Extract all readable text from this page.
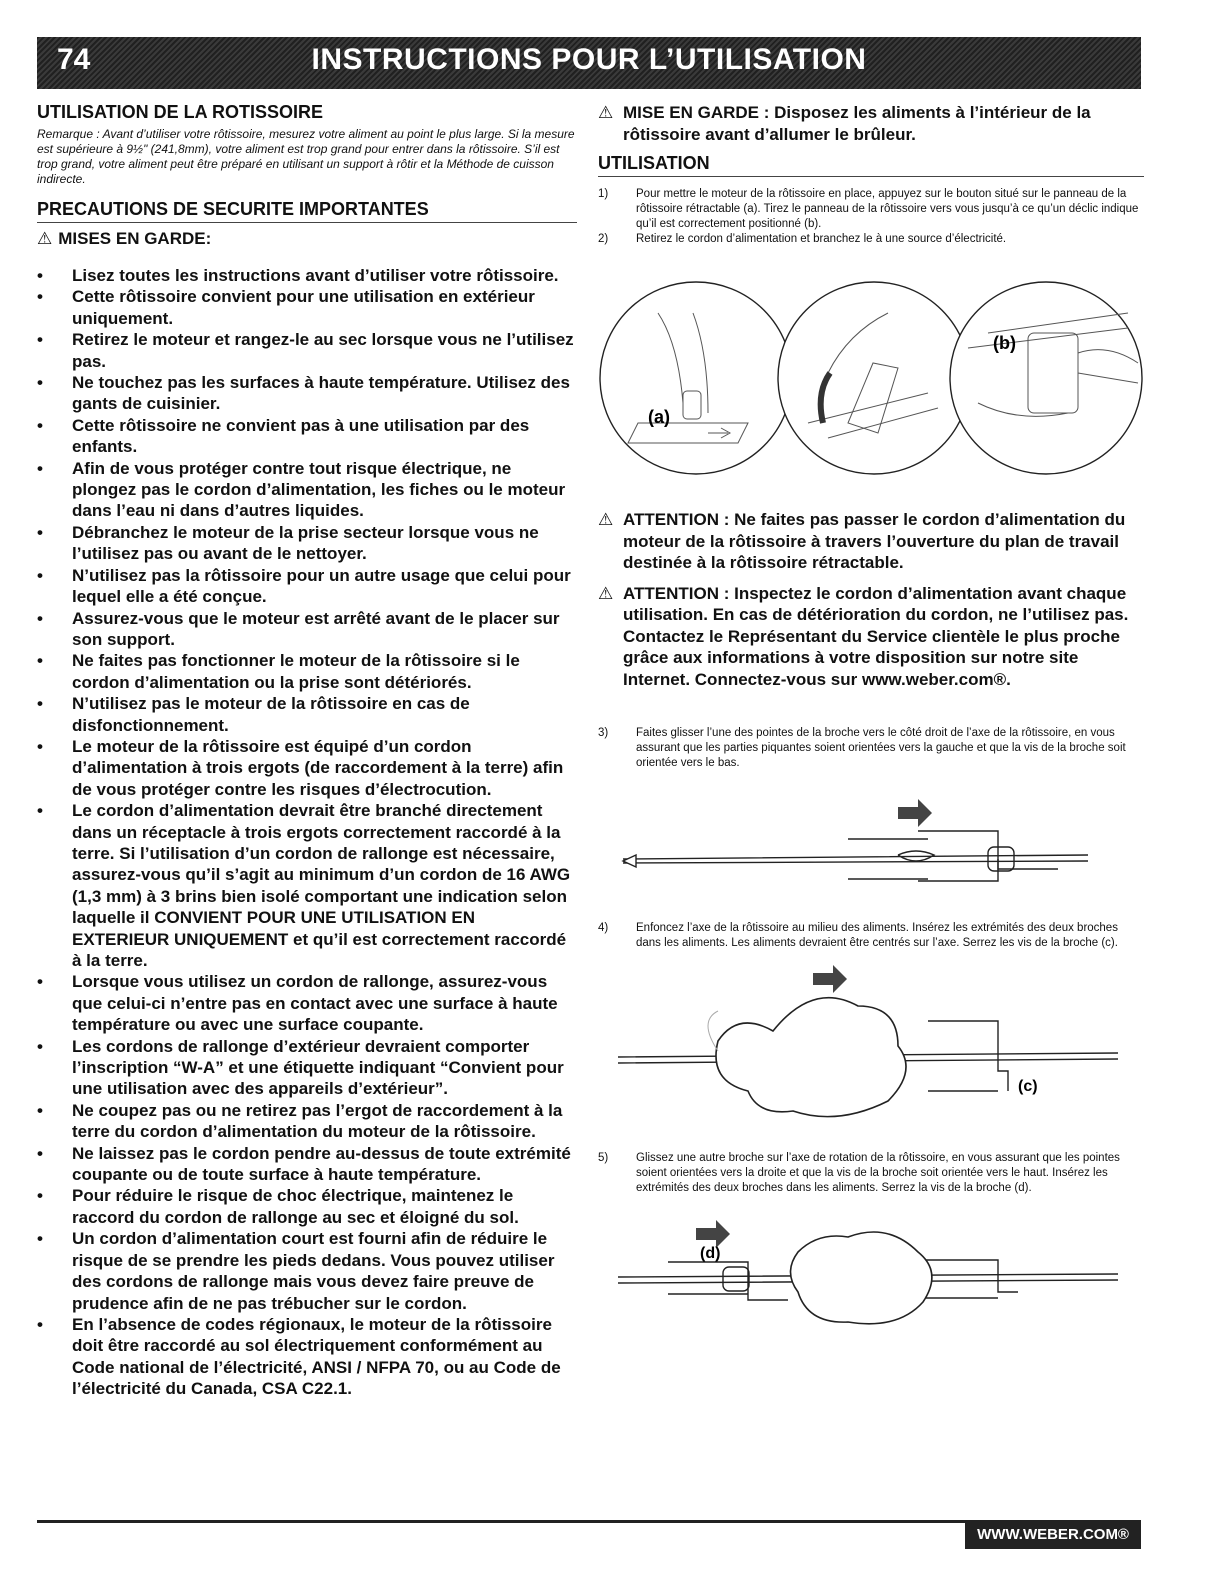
74	INSTRUCTIONS POUR L’UTILISATION
UTILISATION DE LA ROTISSOIRE

Remarque : Avant d’utiliser votre rôtissoire, mesurez votre aliment au point le plus large. Si la mesure est supérieure à 9½" (241,8mm), votre aliment est trop grand pour entrer dans la rôtissoire. S’il est trop grand, votre aliment peut être préparé en utilisant un support à rôtir et la Méthode de cuisson indirecte.

PRECAUTIONS DE SECURITE IMPORTANTES
⚠ MISES EN GARDE:
• Lisez toutes les instructions avant d’utiliser votre rôtissoire.
• Cette rôtissoire convient pour une utilisation en extérieur uniquement.
• Retirez le moteur et rangez-le au sec lorsque vous ne l’utilisez pas.
• Ne touchez pas les surfaces à haute température. Utilisez des gants de cuisinier.
• Cette rôtissoire ne convient pas à une utilisation par des enfants.
• Afin de vous protéger contre tout risque électrique, ne plongez pas le cordon d’alimentation, les fiches ou le moteur dans l’eau ni dans d’autres liquides.
• Débranchez le moteur de la prise secteur lorsque vous ne l’utilisez pas ou avant de le nettoyer.
• N’utilisez pas la rôtissoire pour un autre usage que celui pour lequel elle a été conçue.
• Assurez-vous que le moteur est arrêté avant de le placer sur son support.
• Ne faites pas fonctionner le moteur de la rôtissoire si le cordon d’alimentation ou la prise sont détériorés.
• N’utilisez pas le moteur de la rôtissoire en cas de disfonctionnement.
• Le moteur de la rôtissoire est équipé d’un cordon d’alimentation à trois ergots (de raccordement à la terre) afin de vous protéger contre les risques d’électrocution.
• Le cordon d’alimentation devrait être branché directement dans un réceptacle à trois ergots correctement raccordé à la terre. Si l’utilisation d’un cordon de rallonge est nécessaire, assurez-vous qu’il s’agit au minimum d’un cordon de 16 AWG (1,3 mm) à 3 brins bien isolé comportant une indication selon laquelle il CONVIENT POUR UNE UTILISATION EN EXTERIEUR UNIQUEMENT et qu’il est correctement raccordé à la terre.
• Lorsque vous utilisez un cordon de rallonge, assurez-vous que celui-ci n’entre pas en contact avec une surface à haute température ou avec une surface coupante.
• Les cordons de rallonge d’extérieur devraient comporter l’inscription “W-A” et une étiquette indiquant “Convient pour une utilisation avec des appareils d’extérieur”.
• Ne coupez pas ou ne retirez pas l’ergot de raccordement à la terre du cordon d’alimentation du moteur de la rôtissoire.
• Ne laissez pas le cordon pendre au-dessus de toute extrémité coupante ou de toute surface à haute température.
• Pour réduire le risque de choc électrique, maintenez le raccord du cordon de rallonge au sec et éloigné du sol.
• Un cordon d’alimentation court est fourni afin de réduire le risque de se prendre les pieds dedans. Vous pouvez utiliser des cordons de rallonge mais vous devez faire preuve de prudence afin de ne pas trébucher sur le cordon.
• En l’absence de codes régionaux, le moteur de la rôtissoire doit être raccordé au sol électriquement conformément au Code national de l’électricité, ANSI / NFPA 70, ou au Code de l’électricité du Canada, CSA C22.1.
⚠ MISE EN GARDE : Disposez les aliments à l’intérieur de la rôtissoire avant d’allumer le brûleur.
UTILISATION
1) Pour mettre le moteur de la rôtissoire en place, appuyez sur le bouton situé sur le panneau de la rôtissoire rétractable (a). Tirez le panneau de la rôtissoire vers vous jusqu’à ce qu’un déclic indique qu’il est correctement positionné (b).
2) Retirez le cordon d’alimentation et branchez le à une source d’électricité.
(a)
(b)
⚠ ATTENTION : Ne faites pas passer le cordon d’alimentation du moteur de la rôtissoire à travers l’ouverture du plan de travail destinée à la rôtissoire rétractable.
⚠ ATTENTION : Inspectez le cordon d’alimentation avant chaque utilisation. En cas de détérioration du cordon, ne l’utilisez pas. Contactez le Représentant du Service clientèle le plus proche grâce aux informations à votre disposition sur notre site Internet. Connectez-vous sur www.weber.com®.
3) Faites glisser l’une des pointes de la broche vers le côté droit de l’axe de la rôtissoire, en vous assurant que les parties piquantes soient orientées vers la gauche et que la vis de la broche soit orientée vers le bas.
4) Enfoncez l’axe de la rôtissoire au milieu des aliments. Insérez les extrémités des deux broches dans les aliments. Les aliments devraient être centrés sur l’axe. Serrez les vis de la broche (c).
(c)
5) Glissez une autre broche sur l’axe de rotation de la rôtissoire, en vous assurant que les pointes soient orientées vers la droite et que la vis de la broche soit orientée vers le haut. Insérez les extrémités des deux broches dans les aliments. Serrez la vis de la broche (d).
(d)
WWW.WEBER.COM®
